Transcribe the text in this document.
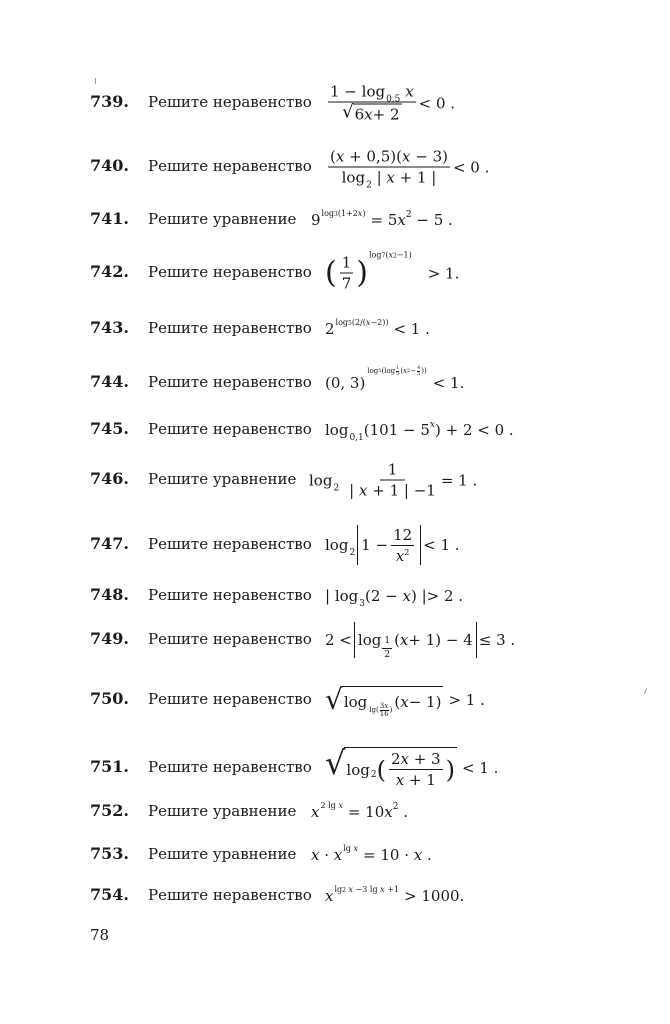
739. Решите неравенство $\frac{1 - \log_{0,5} x}{√ 6 x + 2} < 0$ .
740. Решите неравенство $\frac{(x + 0,5)(x - 3)}{\log_2 | x + 1 |} < 0$ .
741. Решите уравнение $9^{log3(1+2x)} = 5x^2 - 5$ .
742. Решите неравенство ( $\frac{1}{7}$ ) log7(x2−1)
> 1.
743. Решите неравенство $2^{log5(2/(x-2))} < 1$ .
744. Решите неравенство (0, 3)
log 5 (log 1
5 ( x 2 − 4
5 ))
< 1.
745. Решите неравенство $\log_{0,1}(101 - 5^x) + 2 < 0$ .
746. Решите уравнение $\log_2 \frac{1}{| x + 1 | -1} = 1$ .
747. Решите неравенство $\log_2 1 - \frac{12}{x^2} < 1$ .
748. Решите неравенство | $\log_3(2 - x)$ |> 2 .
749. Решите неравенство $2 < \log \frac{1}{2}$ ( x + 1) − 4 ≤ 3 .
750. Решите неравенство √ log lg(
3x
16 ) ( x − 1) > 1 .
751. Решите неравенство √ log 2 ( $\frac{2x + 3}{x + 1}$ ) < 1 .
752. Решите уравнение $x^{2 lg x} = 10x^2$ .
753. Решите уравнение $x \cdot x^{lg x} = 10 \cdot x$ .
754. Решите неравенство $x^{lg2 x -3 lg x +1} > 1000$.
78
